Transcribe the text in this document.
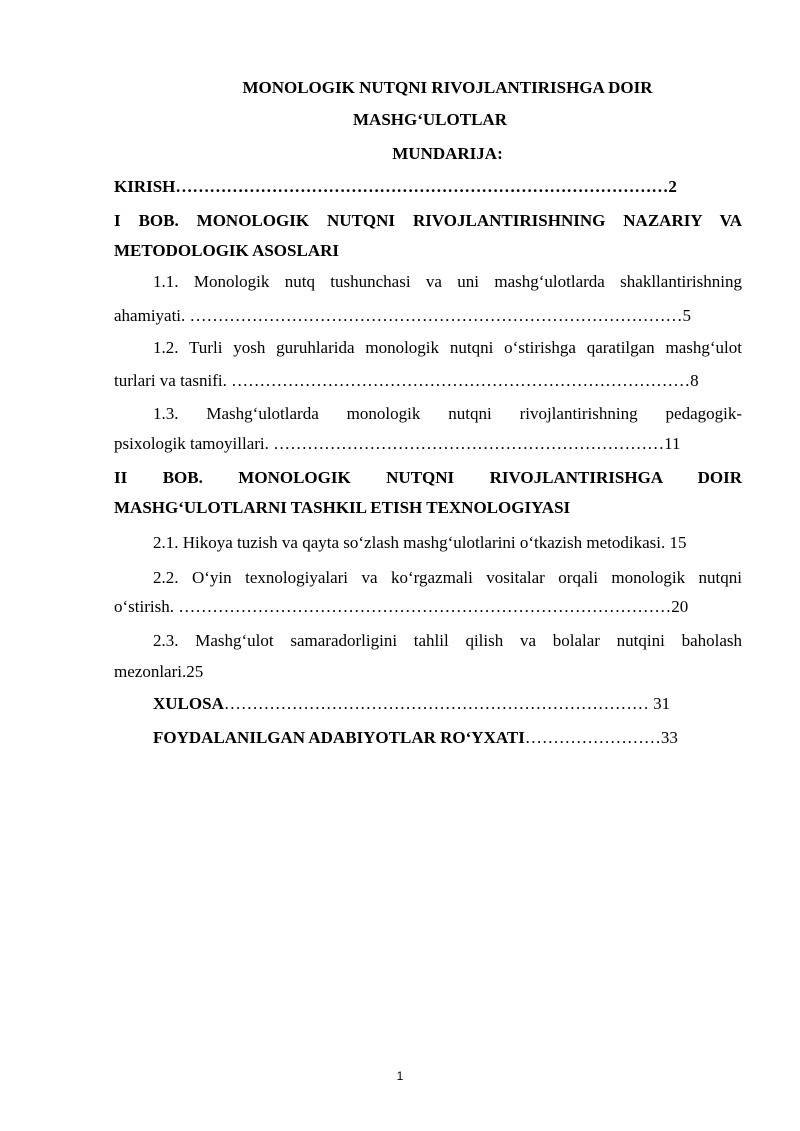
MONOLOGIK NUTQNI RIVOJLANTIRISHGA DOIR
MASHG‘ULOTLAR
MUNDARIJA:
KIRISH……………………………………………………………………………2
I BOB. MONOLOGIK NUTQNI RIVOJLANTIRISHNING NAZARIY VA
METODOLOGIK ASOSLARI
1.1. Monologik nutq tushunchasi va uni mashg‘ulotlarda shakllantirishning
ahamiyati. ……………………………………………………………………………5
1.2. Turli yosh guruhlarida monologik nutqni o‘stirishga qaratilgan mashg‘ulot
turlari va tasnifi. ………………………………………………………………………8
1.3. Mashg‘ulotlarda monologik nutqni rivojlantirishning pedagogik-
psixologik tamoyillari. ……………………………………………………………11
II BOB. MONOLOGIK NUTQNI RIVOJLANTIRISHGA DOIR
MASHG‘ULOTLARNI TASHKIL ETISH TEXNOLOGIYASI
2.1. Hikoya tuzish va qayta so‘zlash mashg‘ulotlarini o‘tkazish metodikasi. 15
2.2. O‘yin texnologiyalari va ko‘rgazmali vositalar orqali monologik nutqni
o‘stirish. ……………………………………………………………………………20
2.3. Mashg‘ulot samaradorligini tahlil qilish va bolalar nutqini baholash
mezonlari.25
XULOSA………………………………………………………………… 31
FOYDALANILGAN ADABIYOTLAR RO‘YXATI……………………33
1
